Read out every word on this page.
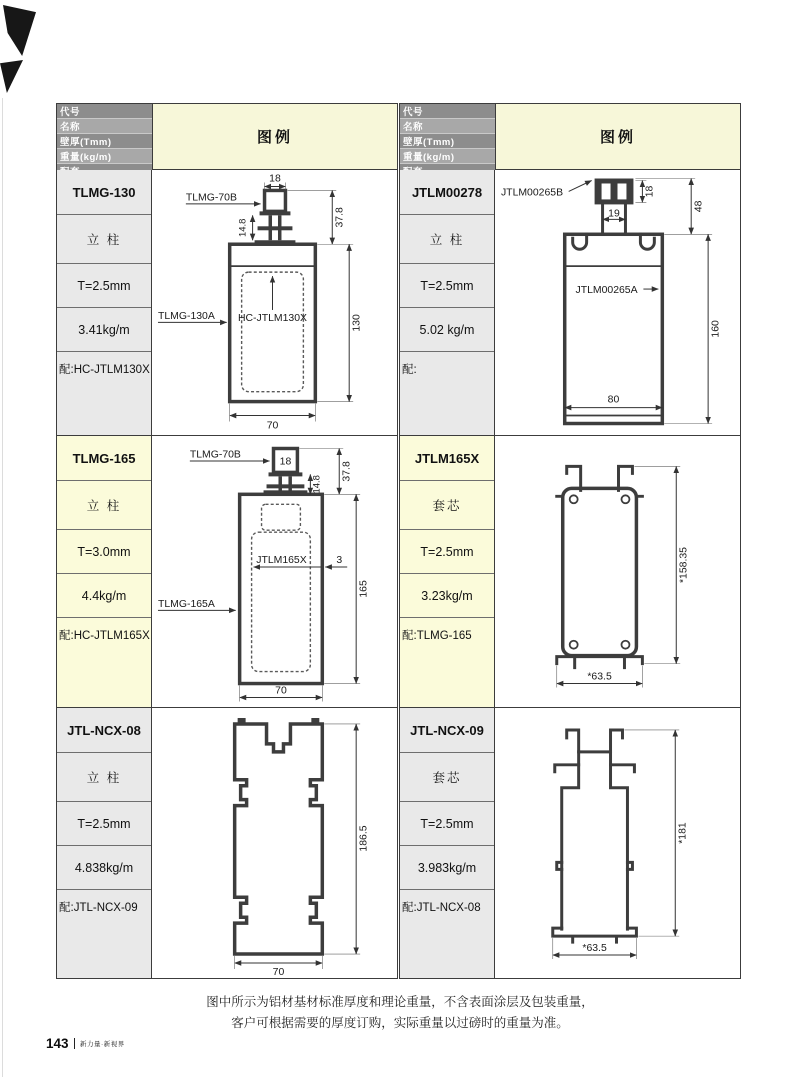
代号
名称
壁厚(Tmm)
重量(kg/m)
图例
TLMG-130
立 柱
T=2.5mm
3.41kg/m
配:HC-JTLM130X
18
37.8
14.8
130
70
TLMG-70B
TLMG-130A HC-JTLM130X
TLMG-165
立 柱
T=3.0mm
4.4kg/m
配:HC-JTLM165X
18
14.8
37.8
3
165
70
TLMG-70B
TLMG-165A
JTLM165X
JTL-NCX-08
立 柱
T=2.5mm
4.838kg/m
配:JTL-NCX-09
186.5
70
代号
名称
壁厚(Tmm)
重量(kg/m)
图例
JTLM00278
立 柱
T=2.5mm
5.02 kg/m
配:
18
48
19
160
80
JTLM00265B
JTLM00265A
JTLM165X
套芯
T=2.5mm
3.23kg/m
配:TLMG-165
*158.35
*63.5
JTL-NCX-09
套芯
T=2.5mm
3.983kg/m
配:JTL-NCX-08
*181
*63.5
图中所示为铝材基材标准厚度和理论重量，不含表面涂层及包装重量，
客户可根据需要的厚度订购，实际重量以过磅时的重量为准。
143 新力量·新视界
